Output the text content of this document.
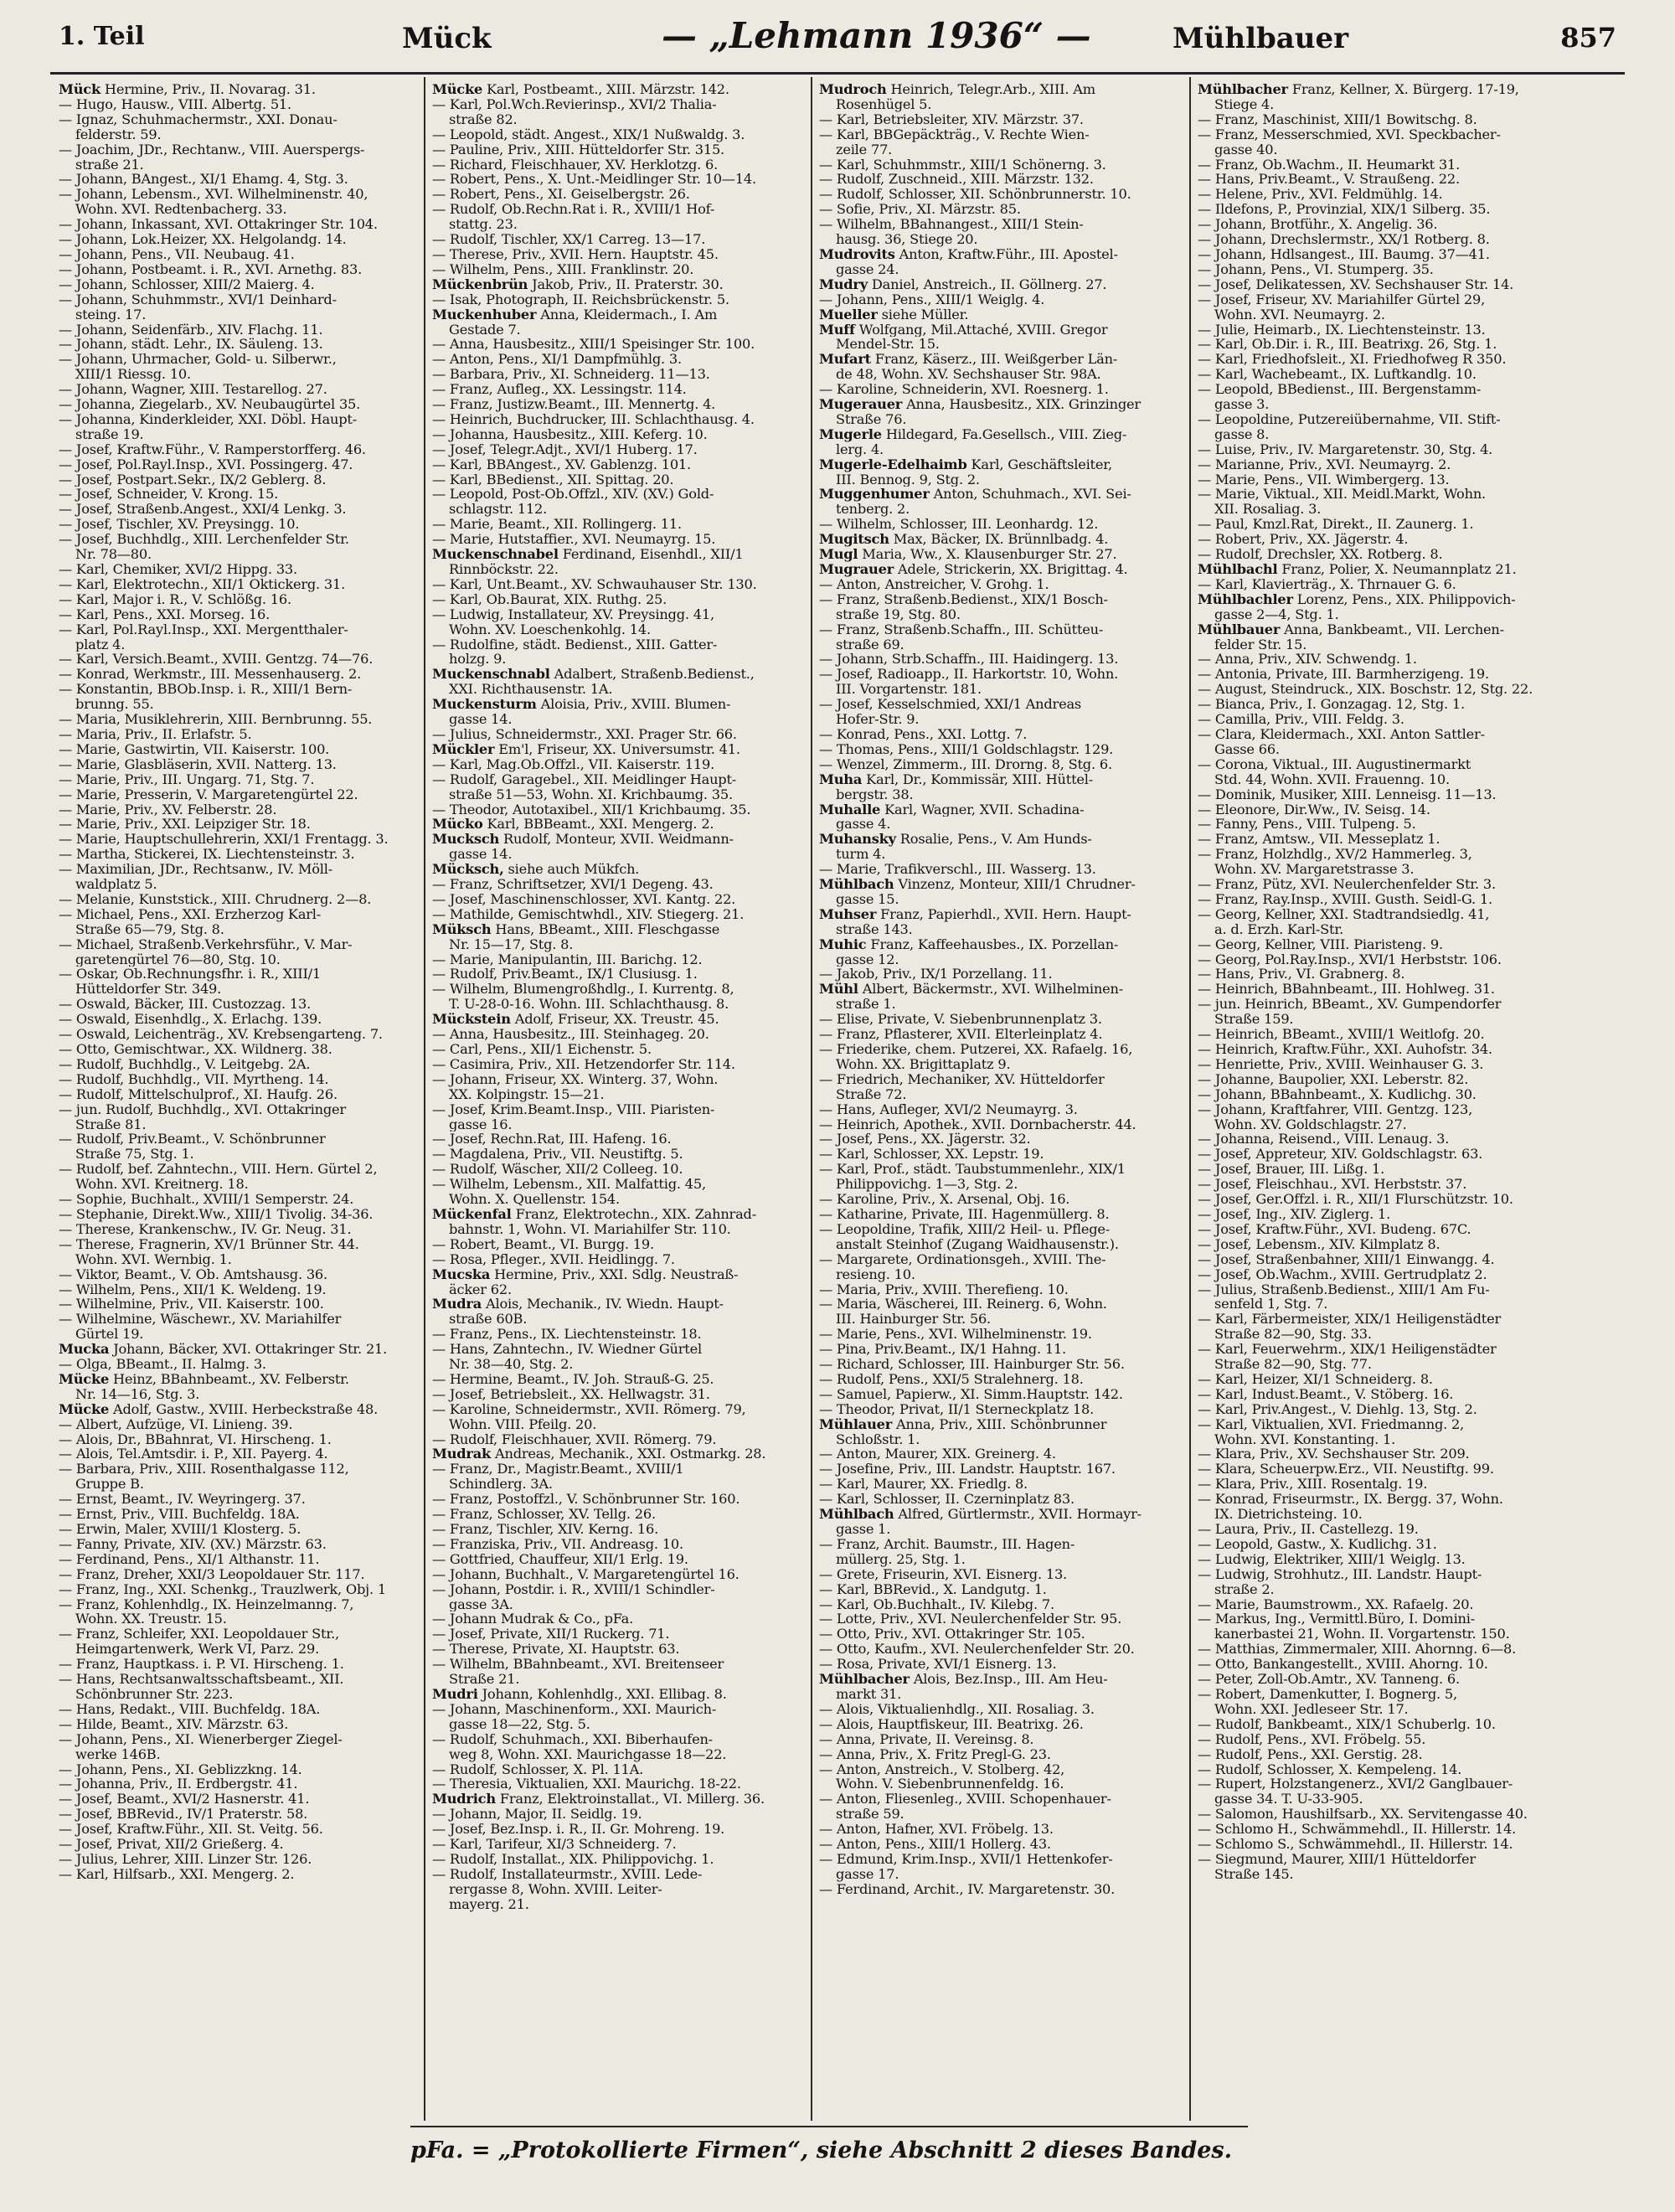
1. Teil	Mück	— „Lehmann 1936“ —	Mühlbauer	857
Mück Hermine, Priv., II. Novarag. 31.
— Hugo, Hausw., VIII. Albertg. 51.
— Ignaz, Schuhmachermstr., XXI. Donau-
felderstr. 59.
— Joachim, JDr., Rechtanw., VIII. Auerspergs-
straße 21.
— Johann, BAngest., XI/1 Ehamg. 4, Stg. 3.
— Johann, Lebensm., XVI. Wilhelminenstr. 40,
Wohn. XVI. Redtenbacherg. 33.
— Johann, Inkassant, XVI. Ottakringer Str. 104.
— Johann, Lok.Heizer, XX. Helgolandg. 14.
— Johann, Pens., VII. Neubaug. 41.
— Johann, Postbeamt. i. R., XVI. Arnethg. 83.
— Johann, Schlosser, XIII/2 Maierg. 4.
— Johann, Schuhmmstr., XVI/1 Deinhard-
steing. 17.
— Johann, Seidenfärb., XIV. Flachg. 11.
— Johann, städt. Lehr., IX. Säuleng. 13.
— Johann, Uhrmacher, Gold- u. Silberwr.,
XIII/1 Riessg. 10.
— Johann, Wagner, XIII. Testarellog. 27.
— Johanna, Ziegelarb., XV. Neubaugürtel 35.
— Johanna, Kinderkleider, XXI. Döbl. Haupt-
straße 19.
— Josef, Kraftw.Führ., V. Ramperstorfferg. 46.
— Josef, Pol.Rayl.Insp., XVI. Possingerg. 47.
— Josef, Postpart.Sekr., IX/2 Geblerg. 8.
— Josef, Schneider, V. Krong. 15.
— Josef, Straßenb.Angest., XXI/4 Lenkg. 3.
— Josef, Tischler, XV. Preysingg. 10.
— Josef, Buchhdlg., XIII. Lerchenfelder Str.
Nr. 78—80.
— Karl, Chemiker, XVI/2 Hippg. 33.
— Karl, Elektrotechn., XII/1 Oktickerg. 31.
— Karl, Major i. R., V. Schlößg. 16.
— Karl, Pens., XXI. Morseg. 16.
— Karl, Pol.Rayl.Insp., XXI. Mergentthaler-
platz 4.
— Karl, Versich.Beamt., XVIII. Gentzg. 74—76.
— Konrad, Werkmstr., III. Messenhauserg. 2.
— Konstantin, BBOb.Insp. i. R., XIII/1 Bern-
brunng. 55.
— Maria, Musiklehrerin, XIII. Bernbrunng. 55.
— Maria, Priv., II. Erlafstr. 5.
— Marie, Gastwirtin, VII. Kaiserstr. 100.
— Marie, Glasbläserin, XVII. Natterg. 13.
— Marie, Priv., III. Ungarg. 71, Stg. 7.
— Marie, Presserin, V. Margaretengürtel 22.
— Marie, Priv., XV. Felberstr. 28.
— Marie, Priv., XXI. Leipziger Str. 18.
— Marie, Hauptschullehrerin, XXI/1 Frentagg. 3.
— Martha, Stickerei, IX. Liechtensteinstr. 3.
— Maximilian, JDr., Rechtsanw., IV. Möll-
waldplatz 5.
— Melanie, Kunststick., XIII. Chrudnerg. 2—8.
— Michael, Pens., XXI. Erzherzog Karl-
Straße 65—79, Stg. 8.
— Michael, Straßenb.Verkehrsführ., V. Mar-
garetengürtel 76—80, Stg. 10.
— Oskar, Ob.Rechnungsfhr. i. R., XIII/1
Hütteldorfer Str. 349.
— Oswald, Bäcker, III. Custozzag. 13.
— Oswald, Eisenhdlg., X. Erlachg. 139.
— Oswald, Leichenträg., XV. Krebsengarteng. 7.
— Otto, Gemischtwar., XX. Wildnerg. 38.
— Rudolf, Buchhdlg., V. Leitgebg. 2A.
— Rudolf, Buchhdlg., VII. Myrtheng. 14.
— Rudolf, Mittelschulprof., XI. Haufg. 26.
— jun. Rudolf, Buchhdlg., XVI. Ottakringer
Straße 81.
— Rudolf, Priv.Beamt., V. Schönbrunner
Straße 75, Stg. 1.
— Rudolf, bef. Zahntechn., VIII. Hern. Gürtel 2,
Wohn. XVI. Kreitnerg. 18.
— Sophie, Buchhalt., XVIII/1 Semperstr. 24.
— Stephanie, Direkt.Ww., XIII/1 Tivolig. 34-36.
— Therese, Krankenschw., IV. Gr. Neug. 31.
— Therese, Fragnerin, XV/1 Brünner Str. 44.
Wohn. XVI. Wernbig. 1.
— Viktor, Beamt., V. Ob. Amtshausg. 36.
— Wilhelm, Pens., XII/1 K. Weldeng. 19.
— Wilhelmine, Priv., VII. Kaiserstr. 100.
— Wilhelmine, Wäschewr., XV. Mariahilfer
Gürtel 19.
Mucka Johann, Bäcker, XVI. Ottakringer Str. 21.
— Olga, BBeamt., II. Halmg. 3.
Mücke Heinz, BBahnbeamt., XV. Felberstr.
Nr. 14—16, Stg. 3.
Mücke Adolf, Gastw., XVIII. Herbeckstraße 48.
— Albert, Aufzüge, VI. Linieng. 39.
— Alois, Dr., BBahnrat, VI. Hirscheng. 1.
— Alois, Tel.Amtsdir. i. P., XII. Payerg. 4.
— Barbara, Priv., XIII. Rosenthalgasse 112,
Gruppe B.
— Ernst, Beamt., IV. Weyringerg. 37.
— Ernst, Priv., VIII. Buchfeldg. 18A.
— Erwin, Maler, XVIII/1 Klosterg. 5.
— Fanny, Private, XIV. (XV.) Märzstr. 63.
— Ferdinand, Pens., XI/1 Althanstr. 11.
— Franz, Dreher, XXI/3 Leopoldauer Str. 117.
— Franz, Ing., XXI. Schenkg., Trauzlwerk, Obj. 1
— Franz, Kohlenhdlg., IX. Heinzelmanng. 7,
Wohn. XX. Treustr. 15.
— Franz, Schleifer, XXI. Leopoldauer Str.,
Heimgartenwerk, Werk VI, Parz. 29.
— Franz, Hauptkass. i. P. VI. Hirscheng. 1.
— Hans, Rechtsanwaltsschaftsbeamt., XII.
Schönbrunner Str. 223.
— Hans, Redakt., VIII. Buchfeldg. 18A.
— Hilde, Beamt., XIV. Märzstr. 63.
— Johann, Pens., XI. Wienerberger Ziegel-
werke 146B.
— Johann, Pens., XI. Geblizzkng. 14.
— Johanna, Priv., II. Erdbergstr. 41.
— Josef, Beamt., XVI/2 Hasnerstr. 41.
— Josef, BBRevid., IV/1 Praterstr. 58.
— Josef, Kraftw.Führ., XII. St. Veitg. 56.
— Josef, Privat, XII/2 Grießerg. 4.
— Julius, Lehrer, XIII. Linzer Str. 126.
— Karl, Hilfsarb., XXI. Mengerg. 2.
Mücke Karl, Postbeamt., XIII. Märzstr. 142.
— Karl, Pol.Wch.Revierinsp., XVI/2 Thalia-
straße 82.
— Leopold, städt. Angest., XIX/1 Nußwaldg. 3.
— Pauline, Priv., XIII. Hütteldorfer Str. 315.
— Richard, Fleischhauer, XV. Herklotzg. 6.
— Robert, Pens., X. Unt.-Meidlinger Str. 10—14.
— Robert, Pens., XI. Geiselbergstr. 26.
— Rudolf, Ob.Rechn.Rat i. R., XVIII/1 Hof-
stattg. 23.
— Rudolf, Tischler, XX/1 Carreg. 13—17.
— Therese, Priv., XVII. Hern. Hauptstr. 45.
— Wilhelm, Pens., XIII. Franklinstr. 20.
Mückenbrün Jakob, Priv., II. Praterstr. 30.
— Isak, Photograph, II. Reichsbrückenstr. 5.
Muckenhuber Anna, Kleidermach., I. Am
Gestade 7.
— Anna, Hausbesitz., XIII/1 Speisinger Str. 100.
— Anton, Pens., XI/1 Dampfmühlg. 3.
— Barbara, Priv., XI. Schneiderg. 11—13.
— Franz, Aufleg., XX. Lessingstr. 114.
— Franz, Justizw.Beamt., III. Mennertg. 4.
— Heinrich, Buchdrucker, III. Schlachthausg. 4.
— Johanna, Hausbesitz., XIII. Keferg. 10.
— Josef, Telegr.Adjt., XVI/1 Huberg. 17.
— Karl, BBAngest., XV. Gablenzg. 101.
— Karl, BBedienst., XII. Spittag. 20.
— Leopold, Post-Ob.Offzl., XIV. (XV.) Gold-
schlagstr. 112.
— Marie, Beamt., XII. Rollingerg. 11.
— Marie, Hutstaffier., XVI. Neumayrg. 15.
Muckenschnabel Ferdinand, Eisenhdl., XII/1
Rinnböckstr. 22.
— Karl, Unt.Beamt., XV. Schwauhauser Str. 130.
— Karl, Ob.Baurat, XIX. Ruthg. 25.
— Ludwig, Installateur, XV. Preysingg. 41,
Wohn. XV. Loeschenkohlg. 14.
— Rudolfine, städt. Bedienst., XIII. Gatter-
holzg. 9.
Muckenschnabl Adalbert, Straßenb.Bedienst.,
XXI. Richthausenstr. 1A.
Muckensturm Aloisia, Priv., XVIII. Blumen-
gasse 14.
— Julius, Schneidermstr., XXI. Prager Str. 66.
Mückler Em'l, Friseur, XX. Universumstr. 41.
— Karl, Mag.Ob.Offzl., VII. Kaiserstr. 119.
— Rudolf, Garagebel., XII. Meidlinger Haupt-
straße 51—53, Wohn. XI. Krichbaumg. 35.
— Theodor, Autotaxibel., XII/1 Krichbaumg. 35.
Mücko Karl, BBBeamt., XXI. Mengerg. 2.
Mucksch Rudolf, Monteur, XVII. Weidmann-
gasse 14.
Mücksch, siehe auch Mükfch.
— Franz, Schriftsetzer, XVI/1 Degeng. 43.
— Josef, Maschinenschlosser, XVI. Kantg. 22.
— Mathilde, Gemischtwhdl., XIV. Stiegerg. 21.
Müksch Hans, BBeamt., XIII. Fleschgasse
Nr. 15—17, Stg. 8.
— Marie, Manipulantin, III. Barichg. 12.
— Rudolf, Priv.Beamt., IX/1 Clusiusg. 1.
— Wilhelm, Blumengroßhdlg., I. Kurrentg. 8,
T. U-28-0-16. Wohn. III. Schlachthausg. 8.
Mückstein Adolf, Friseur, XX. Treustr. 45.
— Anna, Hausbesitz., III. Steinhageg. 20.
— Carl, Pens., XII/1 Eichenstr. 5.
— Casimira, Priv., XII. Hetzendorfer Str. 114.
— Johann, Friseur, XX. Winterg. 37, Wohn.
XX. Kolpingstr. 15—21.
— Josef, Krim.Beamt.Insp., VIII. Piaristen-
gasse 16.
— Josef, Rechn.Rat, III. Hafeng. 16.
— Magdalena, Priv., VII. Neustiftg. 5.
— Rudolf, Wäscher, XII/2 Colleeg. 10.
— Wilhelm, Lebensm., XII. Malfattig. 45,
Wohn. X. Quellenstr. 154.
Mückenfal Franz, Elektrotechn., XIX. Zahnrad-
bahnstr. 1, Wohn. VI. Mariahilfer Str. 110.
— Robert, Beamt., VI. Burgg. 19.
— Rosa, Pfleger., XVII. Heidlingg. 7.
Mucska Hermine, Priv., XXI. Sdlg. Neustraß-
äcker 62.
Mudra Alois, Mechanik., IV. Wiedn. Haupt-
straße 60B.
— Franz, Pens., IX. Liechtensteinstr. 18.
— Hans, Zahntechn., IV. Wiedner Gürtel
Nr. 38—40, Stg. 2.
— Hermine, Beamt., IV. Joh. Strauß-G. 25.
— Josef, Betriebsleit., XX. Hellwagstr. 31.
— Karoline, Schneidermstr., XVII. Römerg. 79,
Wohn. VIII. Pfeilg. 20.
— Rudolf, Fleischhauer, XVII. Römerg. 79.
Mudrak Andreas, Mechanik., XXI. Ostmarkg. 28.
— Franz, Dr., Magistr.Beamt., XVIII/1
Schindlerg. 3A.
— Franz, Postoffzl., V. Schönbrunner Str. 160.
— Franz, Schlosser, XV. Tellg. 26.
— Franz, Tischler, XIV. Kerng. 16.
— Franziska, Priv., VII. Andreasg. 10.
— Gottfried, Chauffeur, XII/1 Erlg. 19.
— Johann, Buchhalt., V. Margaretengürtel 16.
— Johann, Postdir. i. R., XVIII/1 Schindler-
gasse 3A.
— Johann Mudrak & Co., pFa.
— Josef, Private, XII/1 Ruckerg. 71.
— Therese, Private, XI. Hauptstr. 63.
— Wilhelm, BBahnbeamt., XVI. Breitenseer
Straße 21.
Mudri Johann, Kohlenhdlg., XXI. Ellibag. 8.
— Johann, Maschinenform., XXI. Maurich-
gasse 18—22, Stg. 5.
— Rudolf, Schuhmach., XXI. Biberhaufen-
weg 8, Wohn. XXI. Maurichgasse 18—22.
— Rudolf, Schlosser, X. Pl. 11A.
— Theresia, Viktualien, XXI. Maurichg. 18-22.
Mudrich Franz, Elektroinstallat., VI. Millerg. 36.
— Johann, Major, II. Seidlg. 19.
— Josef, Bez.Insp. i. R., II. Gr. Mohreng. 19.
— Karl, Tarifeur, XI/3 Schneiderg. 7.
— Rudolf, Installat., XIX. Philippovichg. 1.
— Rudolf, Installateurmstr., XVIII. Lede-
rergasse 8, Wohn. XVIII. Leiter-
mayerg. 21.
Mudroch Heinrich, Telegr.Arb., XIII. Am
Rosenhügel 5.
— Karl, Betriebsleiter, XIV. Märzstr. 37.
— Karl, BBGepäckträg., V. Rechte Wien-
zeile 77.
— Karl, Schuhmmstr., XIII/1 Schönerng. 3.
— Rudolf, Zuschneid., XIII. Märzstr. 132.
— Rudolf, Schlosser, XII. Schönbrunnerstr. 10.
— Sofie, Priv., XI. Märzstr. 85.
— Wilhelm, BBahnangest., XIII/1 Stein-
hausg. 36, Stiege 20.
Mudrovits Anton, Kraftw.Führ., III. Apostel-
gasse 24.
Mudry Daniel, Anstreich., II. Göllnerg. 27.
— Johann, Pens., XIII/1 Weiglg. 4.
Mueller siehe Müller.
Muff Wolfgang, Mil.Attaché, XVIII. Gregor
Mendel-Str. 15.
Mufart Franz, Käserz., III. Weißgerber Län-
de 48, Wohn. XV. Sechshauser Str. 98A.
— Karoline, Schneiderin, XVI. Roesnerg. 1.
Mugerauer Anna, Hausbesitz., XIX. Grinzinger
Straße 76.
Mugerle Hildegard, Fa.Gesellsch., VIII. Zieg-
lerg. 4.
Mugerle-Edelhaimb Karl, Geschäftsleiter,
III. Bennog. 9, Stg. 2.
Muggenhumer Anton, Schuhmach., XVI. Sei-
tenberg. 2.
— Wilhelm, Schlosser, III. Leonhardg. 12.
Mugitsch Max, Bäcker, IX. Brünnlbadg. 4.
Mugl Maria, Ww., X. Klausenburger Str. 27.
Mugrauer Adele, Strickerin, XX. Brigittag. 4.
— Anton, Anstreicher, V. Grohg. 1.
— Franz, Straßenb.Bedienst., XIX/1 Bosch-
straße 19, Stg. 80.
— Franz, Straßenb.Schaffn., III. Schütteu-
straße 69.
— Johann, Strb.Schaffn., III. Haidingerg. 13.
— Josef, Radioapp., II. Harkortstr. 10, Wohn.
III. Vorgartenstr. 181.
— Josef, Kesselschmied, XXI/1 Andreas
Hofer-Str. 9.
— Konrad, Pens., XXI. Lottg. 7.
— Thomas, Pens., XIII/1 Goldschlagstr. 129.
— Wenzel, Zimmerm., III. Drorng. 8, Stg. 6.
Muha Karl, Dr., Kommissär, XIII. Hüttel-
bergstr. 38.
Muhalle Karl, Wagner, XVII. Schadina-
gasse 4.
Muhansky Rosalie, Pens., V. Am Hunds-
turm 4.
— Marie, Trafikverschl., III. Wasserg. 13.
Mühlbach Vinzenz, Monteur, XIII/1 Chrudner-
gasse 15.
Muhser Franz, Papierhdl., XVII. Hern. Haupt-
straße 143.
Muhic Franz, Kaffeehausbes., IX. Porzellan-
gasse 12.
— Jakob, Priv., IX/1 Porzellang. 11.
Mühl Albert, Bäckermstr., XVI. Wilhelminen-
straße 1.
— Elise, Private, V. Siebenbrunnenplatz 3.
— Franz, Pflasterer, XVII. Elterleinplatz 4.
— Friederike, chem. Putzerei, XX. Rafaelg. 16,
Wohn. XX. Brigittaplatz 9.
— Friedrich, Mechaniker, XV. Hütteldorfer
Straße 72.
— Hans, Aufleger, XVI/2 Neumayrg. 3.
— Heinrich, Apothek., XVII. Dornbacherstr. 44.
— Josef, Pens., XX. Jägerstr. 32.
— Karl, Schlosser, XX. Lepstr. 19.
— Karl, Prof., städt. Taubstummenlehr., XIX/1
Philippovichg. 1—3, Stg. 2.
— Karoline, Priv., X. Arsenal, Obj. 16.
— Katharine, Private, III. Hagenmüllerg. 8.
— Leopoldine, Trafik, XIII/2 Heil- u. Pflege-
anstalt Steinhof (Zugang Waidhausenstr.).
— Margarete, Ordinationsgeh., XVIII. The-
resieng. 10.
— Maria, Priv., XVIII. Therefieng. 10.
— Maria, Wäscherei, III. Reinerg. 6, Wohn.
III. Hainburger Str. 56.
— Marie, Pens., XVI. Wilhelminenstr. 19.
— Pina, Priv.Beamt., IX/1 Hahng. 11.
— Richard, Schlosser, III. Hainburger Str. 56.
— Rudolf, Pens., XXI/5 Stralehnerg. 18.
— Samuel, Papierw., XI. Simm.Hauptstr. 142.
— Theodor, Privat, II/1 Sterneckplatz 18.
Mühlauer Anna, Priv., XIII. Schönbrunner
Schloßstr. 1.
— Anton, Maurer, XIX. Greinerg. 4.
— Josefine, Priv., III. Landstr. Hauptstr. 167.
— Karl, Maurer, XX. Friedlg. 8.
— Karl, Schlosser, II. Czerninplatz 83.
Mühlbach Alfred, Gürtlermstr., XVII. Hormayr-
gasse 1.
— Franz, Archit. Baumstr., III. Hagen-
müllerg. 25, Stg. 1.
— Grete, Friseurin, XVI. Eisnerg. 13.
— Karl, BBRevid., X. Landgutg. 1.
— Karl, Ob.Buchhalt., IV. Kilebg. 7.
— Lotte, Priv., XVI. Neulerchenfelder Str. 95.
— Otto, Priv., XVI. Ottakringer Str. 105.
— Otto, Kaufm., XVI. Neulerchenfelder Str. 20.
— Rosa, Private, XVI/1 Eisnerg. 13.
Mühlbacher Alois, Bez.Insp., III. Am Heu-
markt 31.
— Alois, Viktualienhdlg., XII. Rosaliag. 3.
— Alois, Hauptfiskeur, III. Beatrixg. 26.
— Anna, Private, II. Vereinsg. 8.
— Anna, Priv., X. Fritz Pregl-G. 23.
— Anton, Anstreich., V. Stolberg. 42,
Wohn. V. Siebenbrunnenfeldg. 16.
— Anton, Fliesenleg., XVIII. Schopenhauer-
straße 59.
— Anton, Hafner, XVI. Fröbelg. 13.
— Anton, Pens., XIII/1 Hollerg. 43.
— Edmund, Krim.Insp., XVII/1 Hettenkofer-
gasse 17.
— Ferdinand, Archit., IV. Margaretenstr. 30.
Mühlbacher Franz, Kellner, X. Bürgerg. 17-19,
Stiege 4.
— Franz, Maschinist, XIII/1 Bowitschg. 8.
— Franz, Messerschmied, XVI. Speckbacher-
gasse 40.
— Franz, Ob.Wachm., II. Heumarkt 31.
— Hans, Priv.Beamt., V. Straußeng. 22.
— Helene, Priv., XVI. Feldmühlg. 14.
— Ildefons, P., Provinzial, XIX/1 Silberg. 35.
— Johann, Brotführ., X. Angelig. 36.
— Johann, Drechslermstr., XX/1 Rotberg. 8.
— Johann, Hdlsangest., III. Baumg. 37—41.
— Johann, Pens., VI. Stumperg. 35.
— Josef, Delikatessen, XV. Sechshauser Str. 14.
— Josef, Friseur, XV. Mariahilfer Gürtel 29,
Wohn. XVI. Neumayrg. 2.
— Julie, Heimarb., IX. Liechtensteinstr. 13.
— Karl, Ob.Dir. i. R., III. Beatrixg. 26, Stg. 1.
— Karl, Friedhofsleit., XI. Friedhofweg R 350.
— Karl, Wachebeamt., IX. Luftkandlg. 10.
— Leopold, BBedienst., III. Bergenstamm-
gasse 3.
— Leopoldine, Putzereiübernahme, VII. Stift-
gasse 8.
— Luise, Priv., IV. Margaretenstr. 30, Stg. 4.
— Marianne, Priv., XVI. Neumayrg. 2.
— Marie, Pens., VII. Wimbergerg. 13.
— Marie, Viktual., XII. Meidl.Markt, Wohn.
XII. Rosaliag. 3.
— Paul, Kmzl.Rat, Direkt., II. Zaunerg. 1.
— Robert, Priv., XX. Jägerstr. 4.
— Rudolf, Drechsler, XX. Rotberg. 8.
Mühlbachl Franz, Polier, X. Neumannplatz 21.
— Karl, Klavierträg., X. Thrnauer G. 6.
Mühlbachler Lorenz, Pens., XIX. Philippovich-
gasse 2—4, Stg. 1.
Mühlbauer Anna, Bankbeamt., VII. Lerchen-
felder Str. 15.
— Anna, Priv., XIV. Schwendg. 1.
— Antonia, Private, III. Barmherzigeng. 19.
— August, Steindruck., XIX. Boschstr. 12, Stg. 22.
— Bianca, Priv., I. Gonzagag. 12, Stg. 1.
— Camilla, Priv., VIII. Feldg. 3.
— Clara, Kleidermach., XXI. Anton Sattler-
Gasse 66.
— Corona, Viktual., III. Augustinermarkt
Std. 44, Wohn. XVII. Frauenng. 10.
— Dominik, Musiker, XIII. Lenneisg. 11—13.
— Eleonore, Dir.Ww., IV. Seisg. 14.
— Fanny, Pens., VIII. Tulpeng. 5.
— Franz, Amtsw., VII. Messeplatz 1.
— Franz, Holzhdlg., XV/2 Hammerleg. 3,
Wohn. XV. Margaretstrasse 3.
— Franz, Pütz, XVI. Neulerchenfelder Str. 3.
— Franz, Ray.Insp., XVIII. Gusth. Seidl-G. 1.
— Georg, Kellner, XXI. Stadtrandsiedlg. 41,
a. d. Erzh. Karl-Str.
— Georg, Kellner, VIII. Piaristeng. 9.
— Georg, Pol.Ray.Insp., XVI/1 Herbststr. 106.
— Hans, Priv., VI. Grabnerg. 8.
— Heinrich, BBahnbeamt., III. Hohlweg. 31.
— jun. Heinrich, BBeamt., XV. Gumpendorfer
Straße 159.
— Heinrich, BBeamt., XVIII/1 Weitlofg. 20.
— Heinrich, Kraftw.Führ., XXI. Auhofstr. 34.
— Henriette, Priv., XVIII. Weinhauser G. 3.
— Johanne, Baupolier, XXI. Leberstr. 82.
— Johann, BBahnbeamt., X. Kudlichg. 30.
— Johann, Kraftfahrer, VIII. Gentzg. 123,
Wohn. XV. Goldschlagstr. 27.
— Johanna, Reisend., VIII. Lenaug. 3.
— Josef, Appreteur, XIV. Goldschlagstr. 63.
— Josef, Brauer, III. Lißg. 1.
— Josef, Fleischhau., XVI. Herbststr. 37.
— Josef, Ger.Offzl. i. R., XII/1 Flurschützstr. 10.
— Josef, Ing., XIV. Ziglerg. 1.
— Josef, Kraftw.Führ., XVI. Budeng. 67C.
— Josef, Lebensm., XIV. Kilmplatz 8.
— Josef, Straßenbahner, XIII/1 Einwangg. 4.
— Josef, Ob.Wachm., XVIII. Gertrudplatz 2.
— Julius, Straßenb.Bedienst., XIII/1 Am Fu-
senfeld 1, Stg. 7.
— Karl, Färbermeister, XIX/1 Heiligenstädter
Straße 82—90, Stg. 33.
— Karl, Feuerwehrm., XIX/1 Heiligenstädter
Straße 82—90, Stg. 77.
— Karl, Heizer, XI/1 Schneiderg. 8.
— Karl, Indust.Beamt., V. Stöberg. 16.
— Karl, Priv.Angest., V. Diehlg. 13, Stg. 2.
— Karl, Viktualien, XVI. Friedmanng. 2,
Wohn. XVI. Konstanting. 1.
— Klara, Priv., XV. Sechshauser Str. 209.
— Klara, Scheuerpw.Erz., VII. Neustiftg. 99.
— Klara, Priv., XIII. Rosentalg. 19.
— Konrad, Friseurmstr., IX. Bergg. 37, Wohn.
IX. Dietrichsteing. 10.
— Laura, Priv., II. Castellezg. 19.
— Leopold, Gastw., X. Kudlichg. 31.
— Ludwig, Elektriker, XIII/1 Weiglg. 13.
— Ludwig, Strohhutz., III. Landstr. Haupt-
straße 2.
— Marie, Baumstrowm., XX. Rafaelg. 20.
— Markus, Ing., Vermittl.Büro, I. Domini-
kanerbastei 21, Wohn. II. Vorgartenstr. 150.
— Matthias, Zimmermaler, XIII. Ahornng. 6—8.
— Otto, Bankangestellt., XVIII. Ahorng. 10.
— Peter, Zoll-Ob.Amtr., XV. Tanneng. 6.
— Robert, Damenkutter, I. Bognerg. 5,
Wohn. XXI. Jedleseer Str. 17.
— Rudolf, Bankbeamt., XIX/1 Schuberlg. 10.
— Rudolf, Pens., XVI. Fröbelg. 55.
— Rudolf, Pens., XXI. Gerstig. 28.
— Rudolf, Schlosser, X. Kempeleng. 14.
— Rupert, Holzstangenerz., XVI/2 Ganglbauer-
gasse 34. T. U-33-905.
— Salomon, Haushilfsarb., XX. Servitengasse 40.
— Schlomo H., Schwämmehdl., II. Hillerstr. 14.
— Schlomo S., Schwämmehdl., II. Hillerstr. 14.
— Siegmund, Maurer, XIII/1 Hütteldorfer
Straße 145.
pFa. = „Protokollierte Firmen“, siehe Abschnitt 2 dieses Bandes.
